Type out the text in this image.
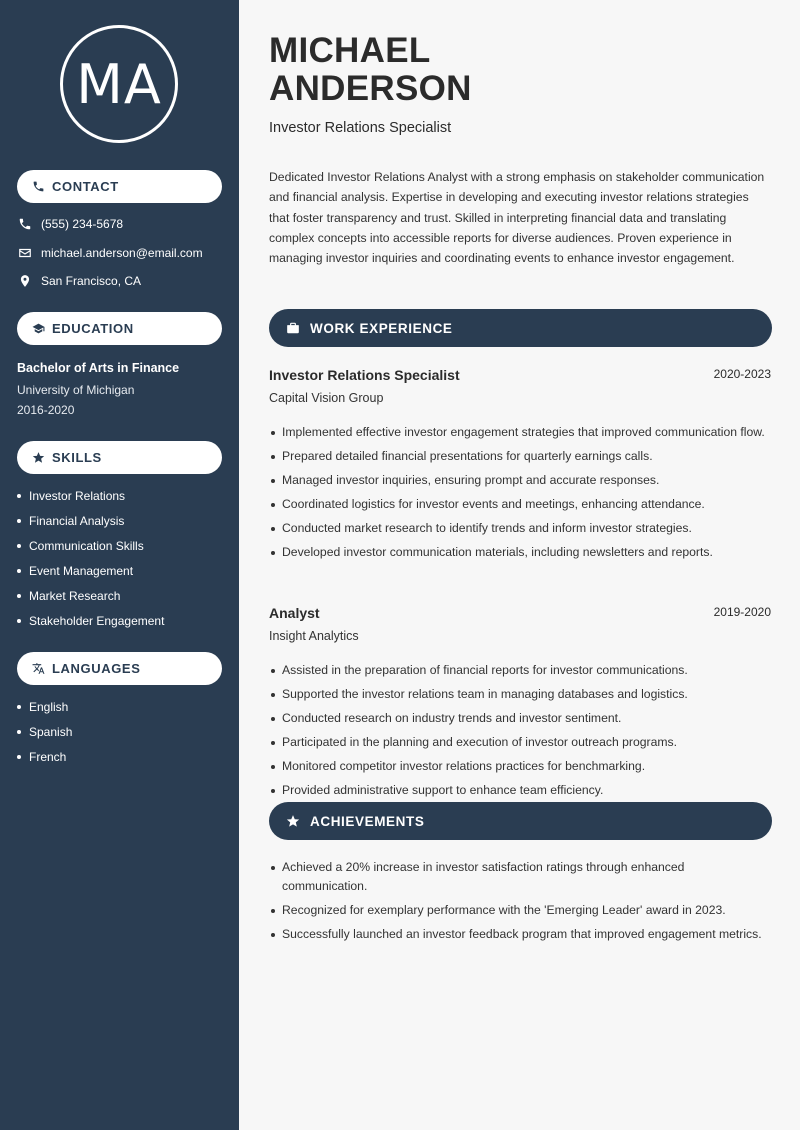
MA
CONTACT
(555) 234-5678
michael.anderson@email.com
San Francisco, CA
EDUCATION
Bachelor of Arts in Finance
University of Michigan
2016-2020
SKILLS
Investor Relations
Financial Analysis
Communication Skills
Event Management
Market Research
Stakeholder Engagement
LANGUAGES
English
Spanish
French
MICHAEL
ANDERSON
Investor Relations Specialist

Dedicated Investor Relations Analyst with a strong emphasis on stakeholder communication and financial analysis. Expertise in developing and executing investor relations strategies that foster transparency and trust. Skilled in interpreting financial data and translating complex concepts into accessible reports for diverse audiences. Proven experience in managing investor inquiries and coordinating events to enhance investor engagement.

WORK EXPERIENCE
Investor Relations Specialist	2020-2023
Capital Vision Group
Implemented effective investor engagement strategies that improved communication flow.
Prepared detailed financial presentations for quarterly earnings calls.
Managed investor inquiries, ensuring prompt and accurate responses.
Coordinated logistics for investor events and meetings, enhancing attendance.
Conducted market research to identify trends and inform investor strategies.
Developed investor communication materials, including newsletters and reports.
Analyst	2019-2020
Insight Analytics
Assisted in the preparation of financial reports for investor communications.
Supported the investor relations team in managing databases and logistics.
Conducted research on industry trends and investor sentiment.
Participated in the planning and execution of investor outreach programs.
Monitored competitor investor relations practices for benchmarking.
Provided administrative support to enhance team efficiency.
ACHIEVEMENTS
Achieved a 20% increase in investor satisfaction ratings through enhanced communication.
Recognized for exemplary performance with the 'Emerging Leader' award in 2023.
Successfully launched an investor feedback program that improved engagement metrics.
